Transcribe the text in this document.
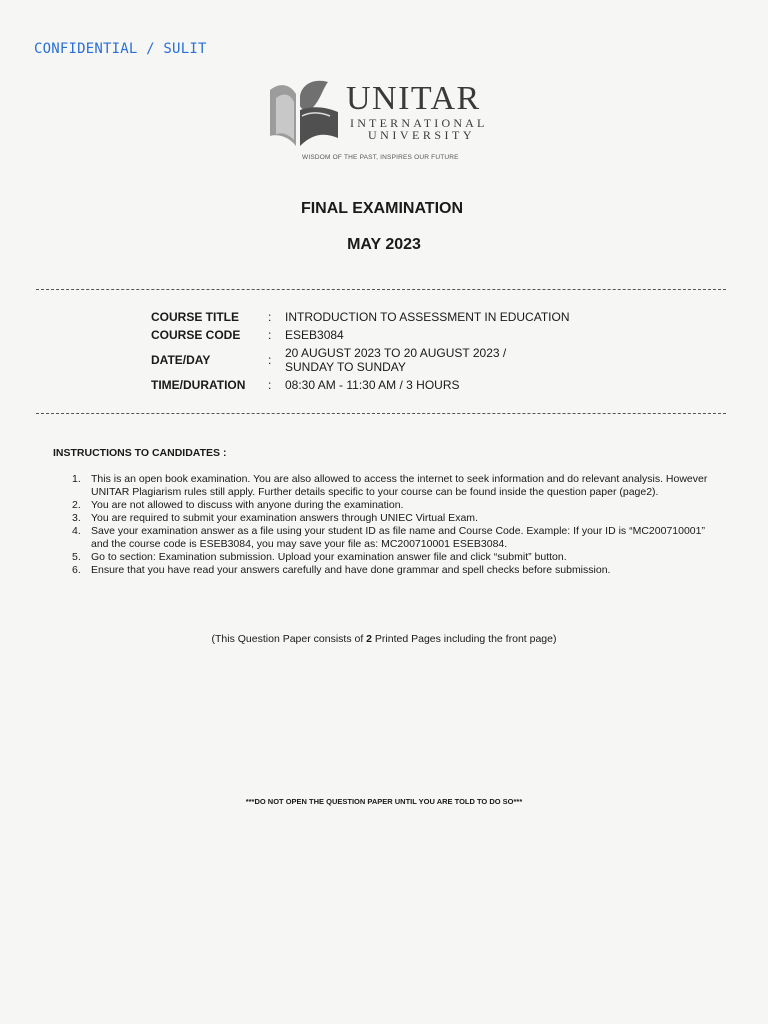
CONFIDENTIAL / SULIT
UNITAR
INTERNATIONAL
UNIVERSITY
WISDOM OF THE PAST, INSPIRES OUR FUTURE
FINAL EXAMINATION
MAY 2023
COURSE TITLE : INTRODUCTION TO ASSESSMENT IN EDUCATION
COURSE CODE : ESEB3084
DATE/DAY	: 20 AUGUST 2023 TO 20 AUGUST 2023 /
SUNDAY TO SUNDAY
TIME/DURATION : 08:30 AM - 11:30 AM / 3 HOURS
INSTRUCTIONS TO CANDIDATES :
1. This is an open book examination. You are also allowed to access the internet to seek information and do relevant analysis. However UNITAR Plagiarism rules still apply. Further details specific to your course can be found inside the question paper (page2).
2. You are not allowed to discuss with anyone during the examination.
3. You are required to submit your examination answers through UNIEC Virtual Exam.
4. Save your examination answer as a file using your student ID as file name and Course Code. Example: If your ID is “MC200710001” and the course code is ESEB3084, you may save your file as: MC200710001 ESEB3084.
5. Go to section: Examination submission. Upload your examination answer file and click “submit” button.
6. Ensure that you have read your answers carefully and have done grammar and spell checks before submission.
(This Question Paper consists of 2 Printed Pages including the front page)
***DO NOT OPEN THE QUESTION PAPER UNTIL YOU ARE TOLD TO DO SO***
